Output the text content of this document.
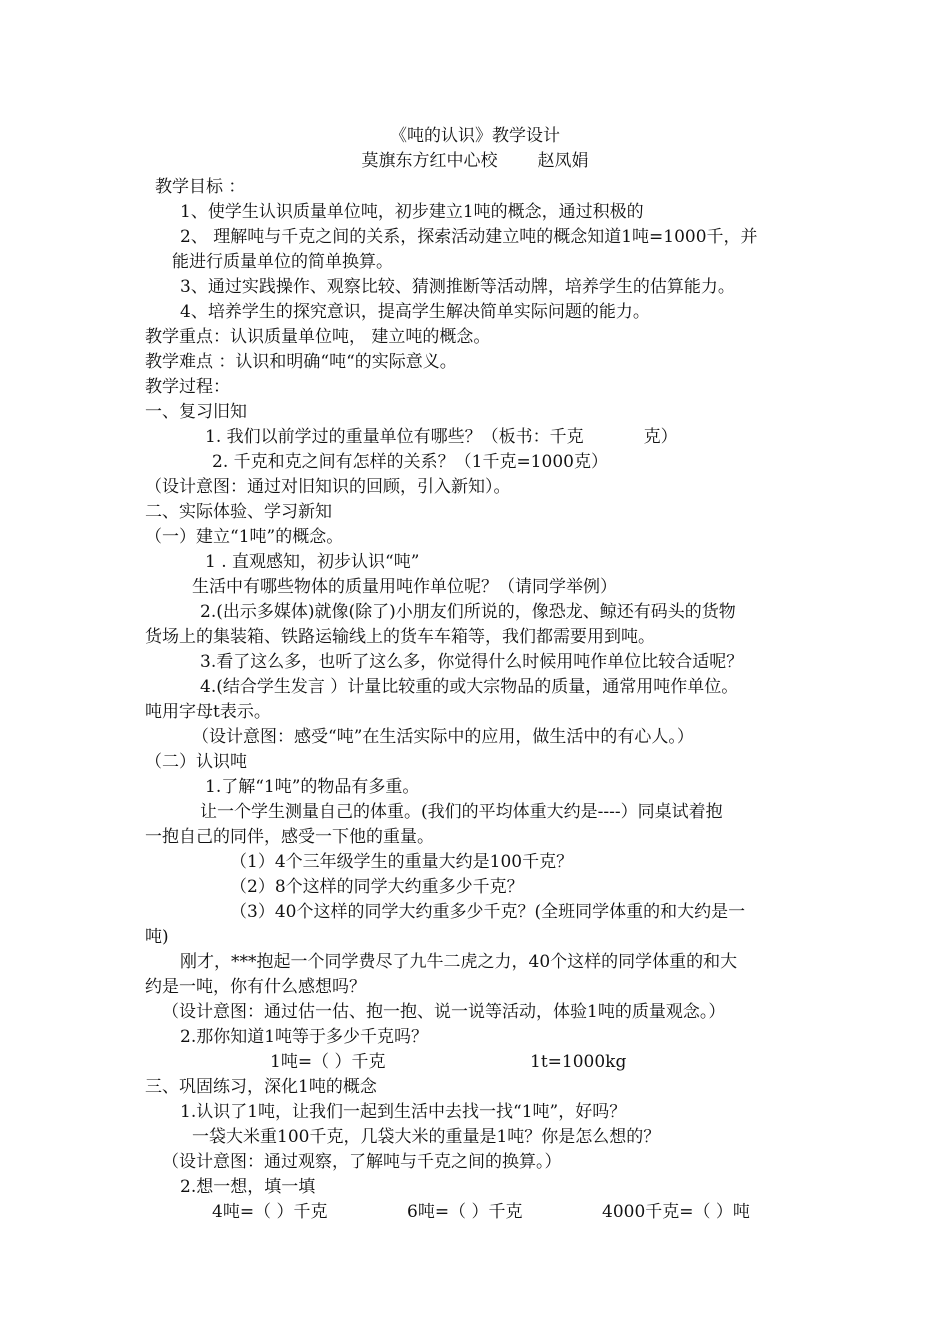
《吨的认识》教学设计
莫旗东方红中心校 赵凤娟
教学目标 ：
1、使学生认识质量单位吨，初步建立1吨的概念，通过积极的
2、 理解吨与千克之间的关系，探索活动建立吨的概念知道1吨=1000千，并
能进行质量单位的简单换算。
3、通过实践操作、观察比较、猜测推断等活动牌，培养学生的估算能力。
4、培养学生的探究意识，提高学生解决简单实际问题的能力。
教学重点：认识质量单位吨， 建立吨的概念。
教学难点 ：认识和明确“吨“的实际意义。
教学过程：
一、复习旧知
1. 我们以前学过的重量单位有哪些？（板书：千克	克）
2. 千克和克之间有怎样的关系？（1千克=1000克）
（设计意图：通过对旧知识的回顾，引入新知）。
二、实际体验、学习新知
（一）建立“1吨”的概念。
1 . 直观感知，初步认识“吨”
生活中有哪些物体的质量用吨作单位呢？（请同学举例）
2.(出示多媒体)就像(除了)小朋友们所说的，像恐龙、鲸还有码头的货物
货场上的集装箱、铁路运输线上的货车车箱等，我们都需要用到吨。
3.看了这么多，也听了这么多，你觉得什么时候用吨作单位比较合适呢？
4.(结合学生发言 ）计量比较重的或大宗物品的质量，通常用吨作单位。
吨用字母t表示。
（设计意图：感受“吨”在生活实际中的应用，做生活中的有心人。）
（二）认识吨
1.了解“1吨”的物品有多重。
让一个学生测量自己的体重。(我们的平均体重大约是----）同桌试着抱
一抱自己的同伴，感受一下他的重量。
（1）4个三年级学生的重量大约是100千克？
（2）8个这样的同学大约重多少千克？
（3）40个这样的同学大约重多少千克？(全班同学体重的和大约是一
吨)
刚才，***抱起一个同学费尽了九牛二虎之力，40个这样的同学体重的和大
约是一吨，你有什么感想吗？
（设计意图：通过估一估、抱一抱、说一说等活动，体验1吨的质量观念。）
2.那你知道1吨等于多少千克吗？
1吨=（ ）千克	1t=1000kg
三、巩固练习，深化1吨的概念
1.认识了1吨，让我们一起到生活中去找一找“1吨”，好吗？
一袋大米重100千克，几袋大米的重量是1吨？你是怎么想的？
（设计意图：通过观察，了解吨与千克之间的换算。）
2.想一想，填一填
4吨=（ ）千克	6吨=（ ）千克	4000千克=（ ）吨
